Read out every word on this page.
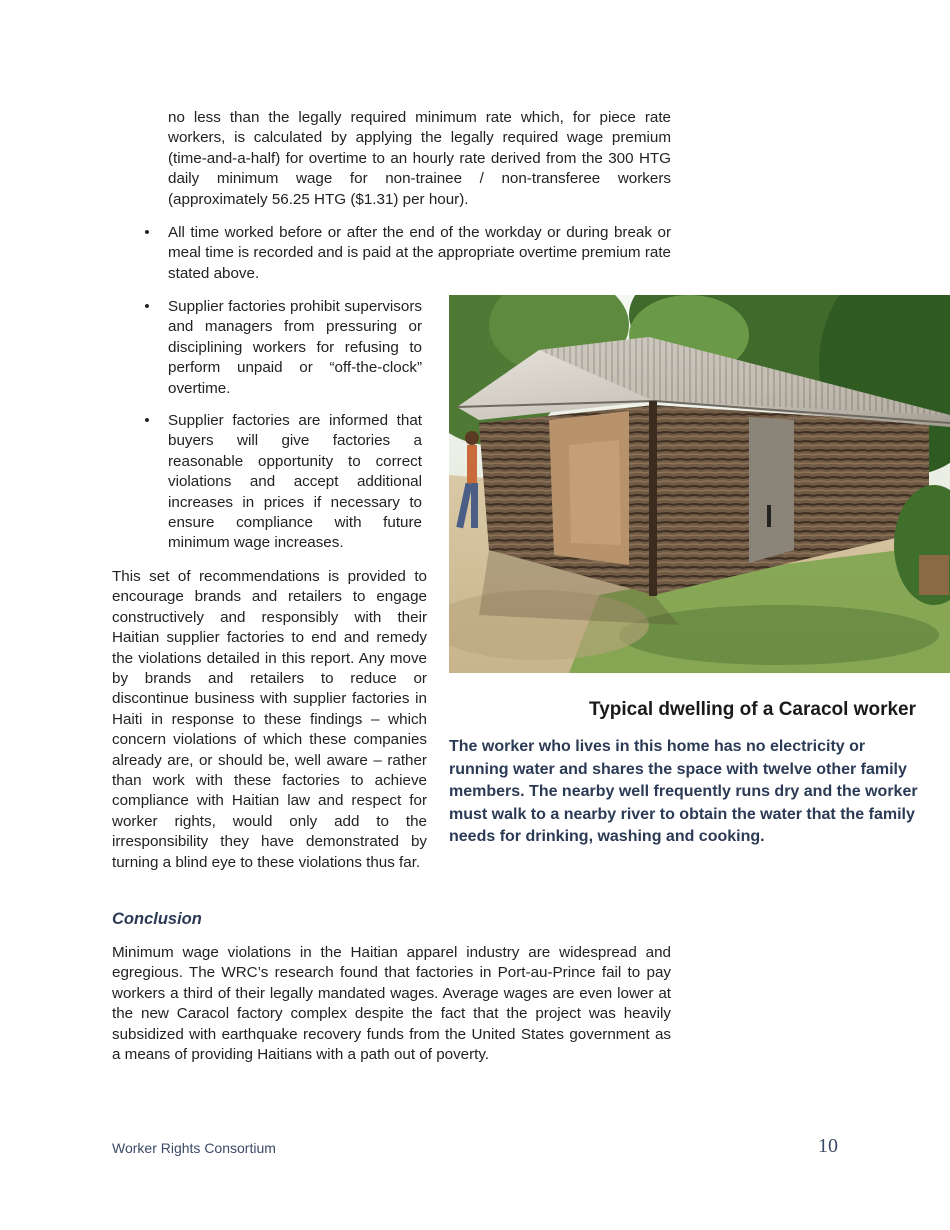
no less than the legally required minimum rate which, for piece rate workers, is calculated by applying the legally required wage premium (time-and-a-half) for overtime to an hourly rate derived from the 300 HTG daily minimum wage for non-trainee / non-transferee workers (approximately 56.25 HTG ($1.31) per hour).
• All time worked before or after the end of the workday or during break or meal time is recorded and is paid at the appropriate overtime premium rate stated above.
• Supplier factories prohibit supervisors and managers from pressuring or disciplining workers for refusing to perform unpaid or “off-the-clock” overtime.
• Supplier factories are informed that buyers will give factories a reasonable opportunity to correct violations and accept additional increases in prices if necessary to ensure compliance with future minimum wage increases.
This set of recommendations is provided to encourage brands and retailers to engage constructively and responsibly with their Haitian supplier factories to end and remedy the violations detailed in this report. Any move by brands and retailers to reduce or discontinue business with supplier factories in Haiti in response to these findings – which concern violations of which these companies already are, or should be, well aware – rather than work with these factories to achieve compliance with Haitian law and respect for worker rights, would only add to the irresponsibility they have demonstrated by turning a blind eye to these violations thus far.
Typical dwelling of a Caracol worker
The worker who lives in this home has no electricity or running water and shares the space with twelve other family members. The nearby well frequently runs dry and the worker must walk to a nearby river to obtain the water that the family needs for drinking, washing and cooking.
Conclusion
Minimum wage violations in the Haitian apparel industry are widespread and egregious. The WRC’s research found that factories in Port-au-Prince fail to pay workers a third of their legally mandated wages. Average wages are even lower at the new Caracol factory complex despite the fact that the project was heavily subsidized with earthquake recovery funds from the United States government as a means of providing Haitians with a path out of poverty.
Worker Rights Consortium	10
